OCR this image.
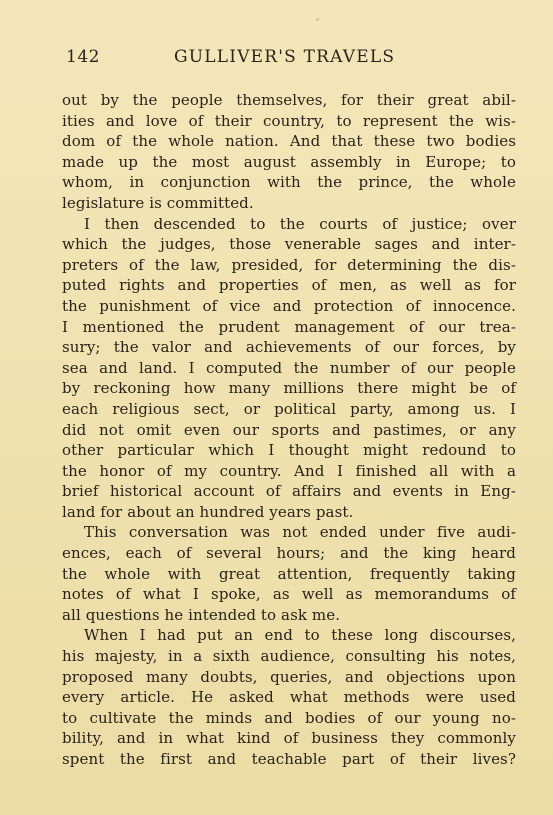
142	GULLIVER'S TRAVELS
out by the people themselves, for their great abil-
ities and love of their country, to represent the wis-
dom of the whole nation. And that these two bodies
made up the most august assembly in Europe; to
whom, in conjunction with the prince, the whole
legislature is committed.
I then descended to the courts of justice; over
which the judges, those venerable sages and inter-
preters of the law, presided, for determining the dis-
puted rights and properties of men, as well as for
the punishment of vice and protection of innocence.
I mentioned the prudent management of our trea-
sury; the valor and achievements of our forces, by
sea and land. I computed the number of our people
by reckoning how many millions there might be of
each religious sect, or political party, among us. I
did not omit even our sports and pastimes, or any
other particular which I thought might redound to
the honor of my country. And I finished all with a
brief historical account of affairs and events in Eng-
land for about an hundred years past.
This conversation was not ended under five audi-
ences, each of several hours; and the king heard
the whole with great attention, frequently taking
notes of what I spoke, as well as memorandums of
all questions he intended to ask me.
When I had put an end to these long discourses,
his majesty, in a sixth audience, consulting his notes,
proposed many doubts, queries, and objections upon
every article. He asked what methods were used
to cultivate the minds and bodies of our young no-
bility, and in what kind of business they commonly
spent the first and teachable part of their lives?
